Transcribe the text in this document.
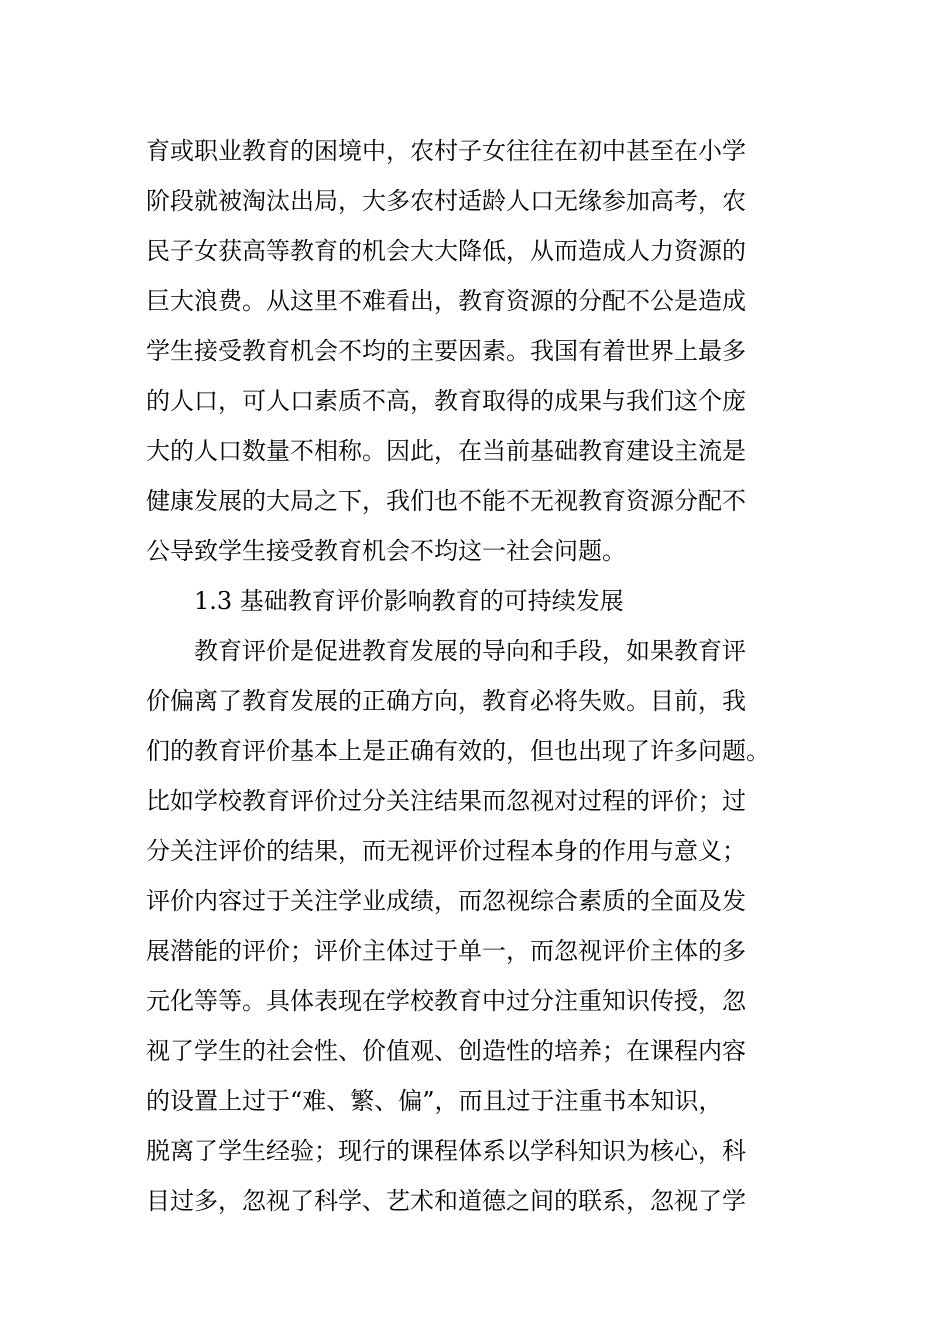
育或职业教育的困境中，农村子女往往在初中甚至在小学
阶段就被淘汰出局，大多农村适龄人口无缘参加高考，农
民子女获高等教育的机会大大降低，从而造成人力资源的
巨大浪费。从这里不难看出，教育资源的分配不公是造成
学生接受教育机会不均的主要因素。我国有着世界上最多
的人口，可人口素质不高，教育取得的成果与我们这个庞
大的人口数量不相称。因此，在当前基础教育建设主流是
健康发展的大局之下，我们也不能不无视教育资源分配不
公导致学生接受教育机会不均这一社会问题。
1.3 基础教育评价影响教育的可持续发展
教育评价是促进教育发展的导向和手段，如果教育评
价偏离了教育发展的正确方向，教育必将失败。目前，我
们的教育评价基本上是正确有效的，但也出现了许多问题。
比如学校教育评价过分关注结果而忽视对过程的评价；过
分关注评价的结果，而无视评价过程本身的作用与意义；
评价内容过于关注学业成绩，而忽视综合素质的全面及发
展潜能的评价；评价主体过于单一，而忽视评价主体的多
元化等等。具体表现在学校教育中过分注重知识传授，忽
视了学生的社会性、价值观、创造性的培养；在课程内容
的设置上过于“难、繁、偏”，而且过于注重书本知识，
脱离了学生经验；现行的课程体系以学科知识为核心，科
目过多，忽视了科学、艺术和道德之间的联系，忽视了学
